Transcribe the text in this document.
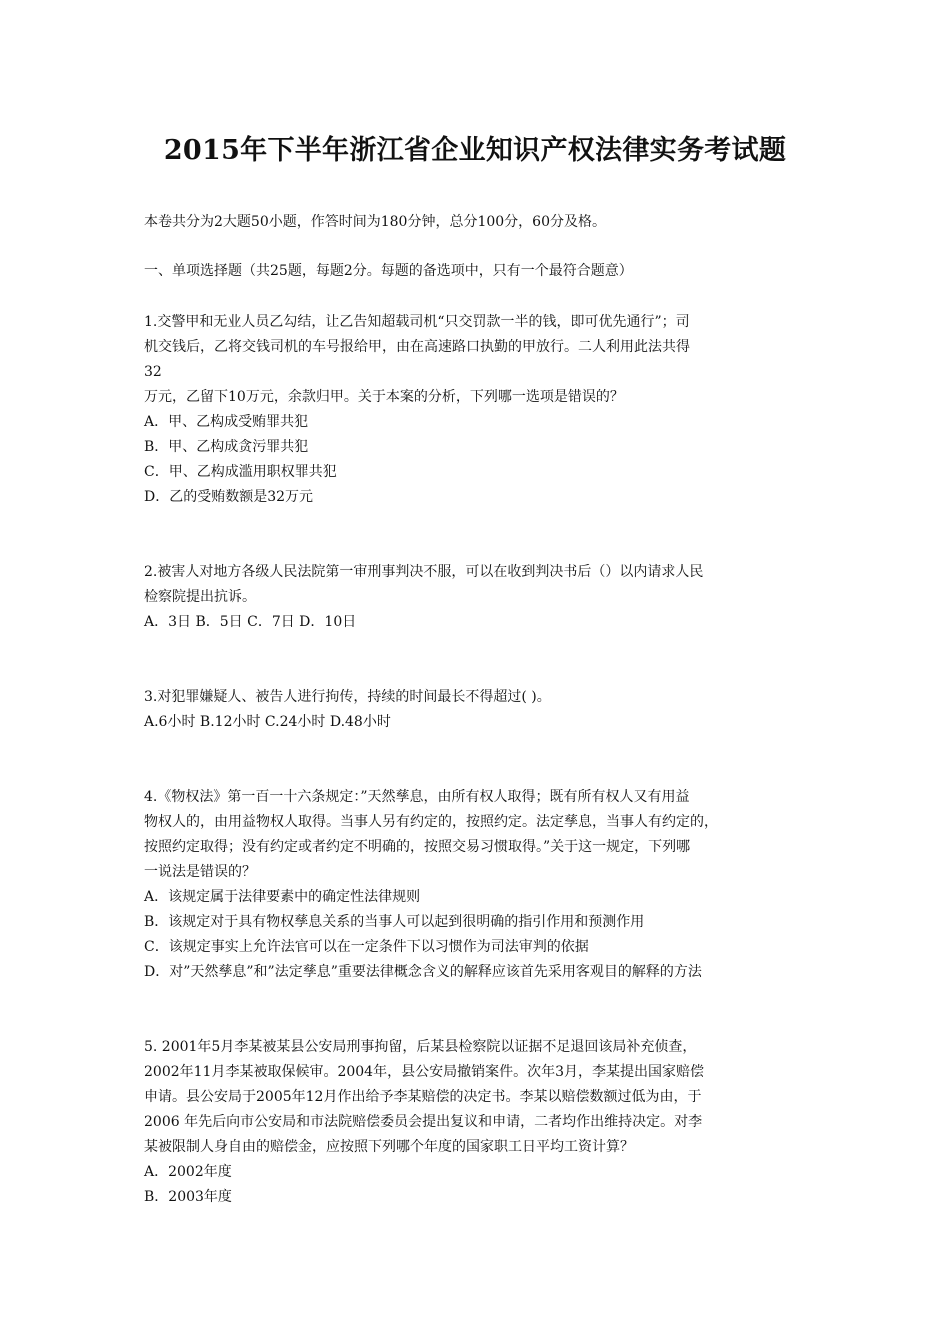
2015年下半年浙江省企业知识产权法律实务考试题

本卷共分为2大题50小题，作答时间为180分钟，总分100分，60分及格。

一、单项选择题（共25题，每题2分。每题的备选项中，只有一个最符合题意）

1.交警甲和无业人员乙勾结，让乙告知超载司机“只交罚款一半的钱，即可优先通行”；司

机交钱后，乙将交钱司机的车号报给甲，由在高速路口执勤的甲放行。二人利用此法共得

32

万元，乙留下10万元，余款归甲。关于本案的分析，下列哪一选项是错误的？

A．甲、乙构成受贿罪共犯

B．甲、乙构成贪污罪共犯

C．甲、乙构成滥用职权罪共犯

D．乙的受贿数额是32万元

2.被害人对地方各级人民法院第一审刑事判决不服，可以在收到判决书后（）以内请求人民

检察院提出抗诉。

A．3日 B．5日 C．7日 D．10日

3.对犯罪嫌疑人、被告人进行拘传，持续的时间最长不得超过( )。

A.6小时 B.12小时 C.24小时 D.48小时

4.《物权法》第一百一十六条规定：”天然孳息，由所有权人取得；既有所有权人又有用益

物权人的，由用益物权人取得。当事人另有约定的，按照约定。法定孳息，当事人有约定的，

按照约定取得；没有约定或者约定不明确的，按照交易习惯取得。”关于这一规定，下列哪

一说法是错误的？

A．该规定属于法律要素中的确定性法律规则

B．该规定对于具有物权孳息关系的当事人可以起到很明确的指引作用和预测作用

C．该规定事实上允许法官可以在一定条件下以习惯作为司法审判的依据

D．对”天然孳息”和”法定孳息”重要法律概念含义的解释应该首先采用客观目的解释的方法

5. 2001年5月李某被某县公安局刑事拘留，后某县检察院以证据不足退回该局补充侦查，

2002年11月李某被取保候审。2004年，县公安局撤销案件。次年3月，李某提出国家赔偿

申请。县公安局于2005年12月作出给予李某赔偿的决定书。李某以赔偿数额过低为由，于

2006 年先后向市公安局和市法院赔偿委员会提出复议和申请，二者均作出维持决定。对李

某被限制人身自由的赔偿金，应按照下列哪个年度的国家职工日平均工资计算？

A．2002年度

B．2003年度
